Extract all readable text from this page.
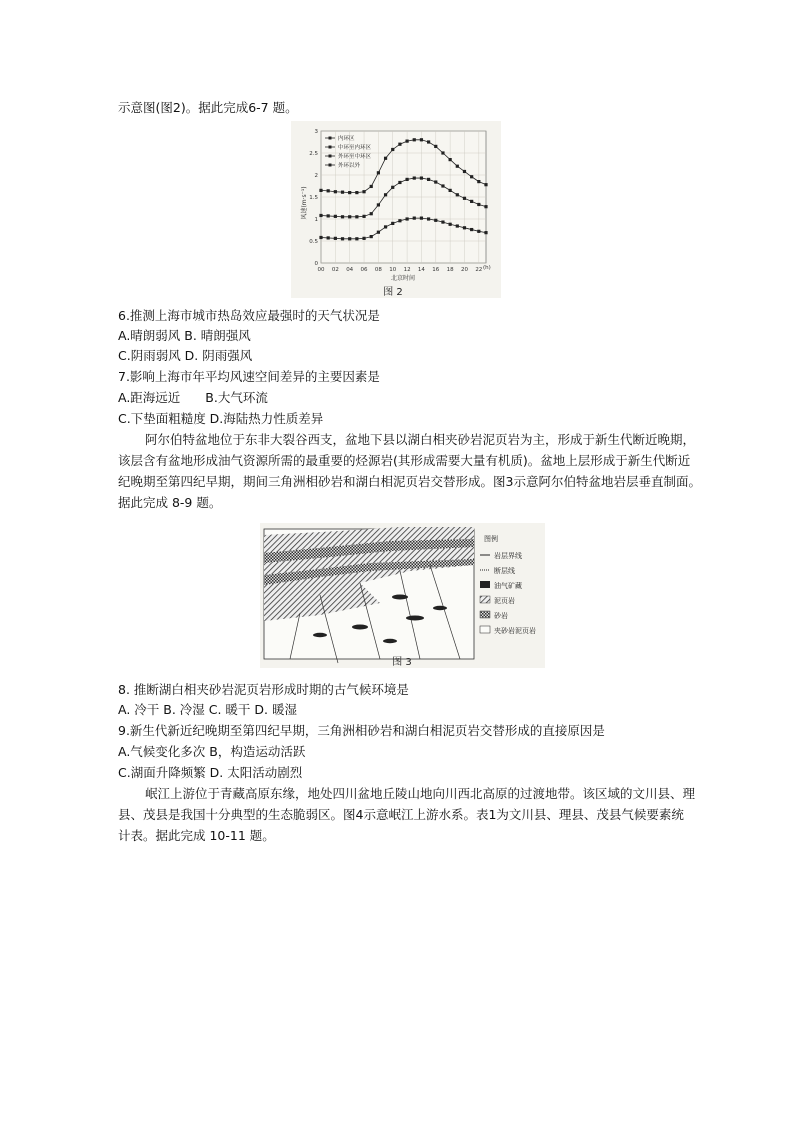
示意图(图2)。据此完成6-7 题。
0
0.5
1
1.5
2
2.5
3
00 02 04 06 08 10 12 14 16 18 20 22
内环区
中环至内环区
外环至中环区
外环以外
风速(m·s⁻¹)
北京时间
(h)
图 2
6.推测上海市城市热岛效应最强时的天气状况是
A.晴朗弱风 B. 晴朗强风
C.阴雨弱风 D. 阴雨强风
7.影响上海市年平均风速空间差异的主要因素是
A.距海远近　　B.大气环流
C.下垫面粗糙度 D.海陆热力性质差异
阿尔伯特盆地位于东非大裂谷西支，盆地下县以湖白相夹砂岩泥页岩为主，形成于新生代断近晚期，
该层含有盆地形成油气资源所需的最重要的烃源岩(其形成需要大量有机质)。盆地上层形成于新生代断近
纪晚期至第四纪早期，期间三角洲相砂岩和湖白相泥页岩交替形成。图3示意阿尔伯特盆地岩层垂直制面。
据此完成 8-9 题。
图例
岩层界线
断层线
油气矿藏
泥页岩
砂岩
夹砂岩泥页岩
图 3
8. 推断湖白相夹砂岩泥页岩形成时期的古气候环境是
A. 冷干 B. 冷湿 C. 暖干 D. 暖湿
9.新生代新近纪晚期至第四纪早期，三角洲相砂岩和湖白相泥页岩交替形成的直接原因是
A.气候变化多次 B，构造运动活跃
C.湖面升降频繁 D. 太阳活动剧烈
岷江上游位于青藏高原东缘，地处四川盆地丘陵山地向川西北高原的过渡地带。该区域的文川县、理
县、茂县是我国十分典型的生态脆弱区。图4示意岷江上游水系。表1为文川县、理县、茂县气候要素统
计表。据此完成 10-11 题。
